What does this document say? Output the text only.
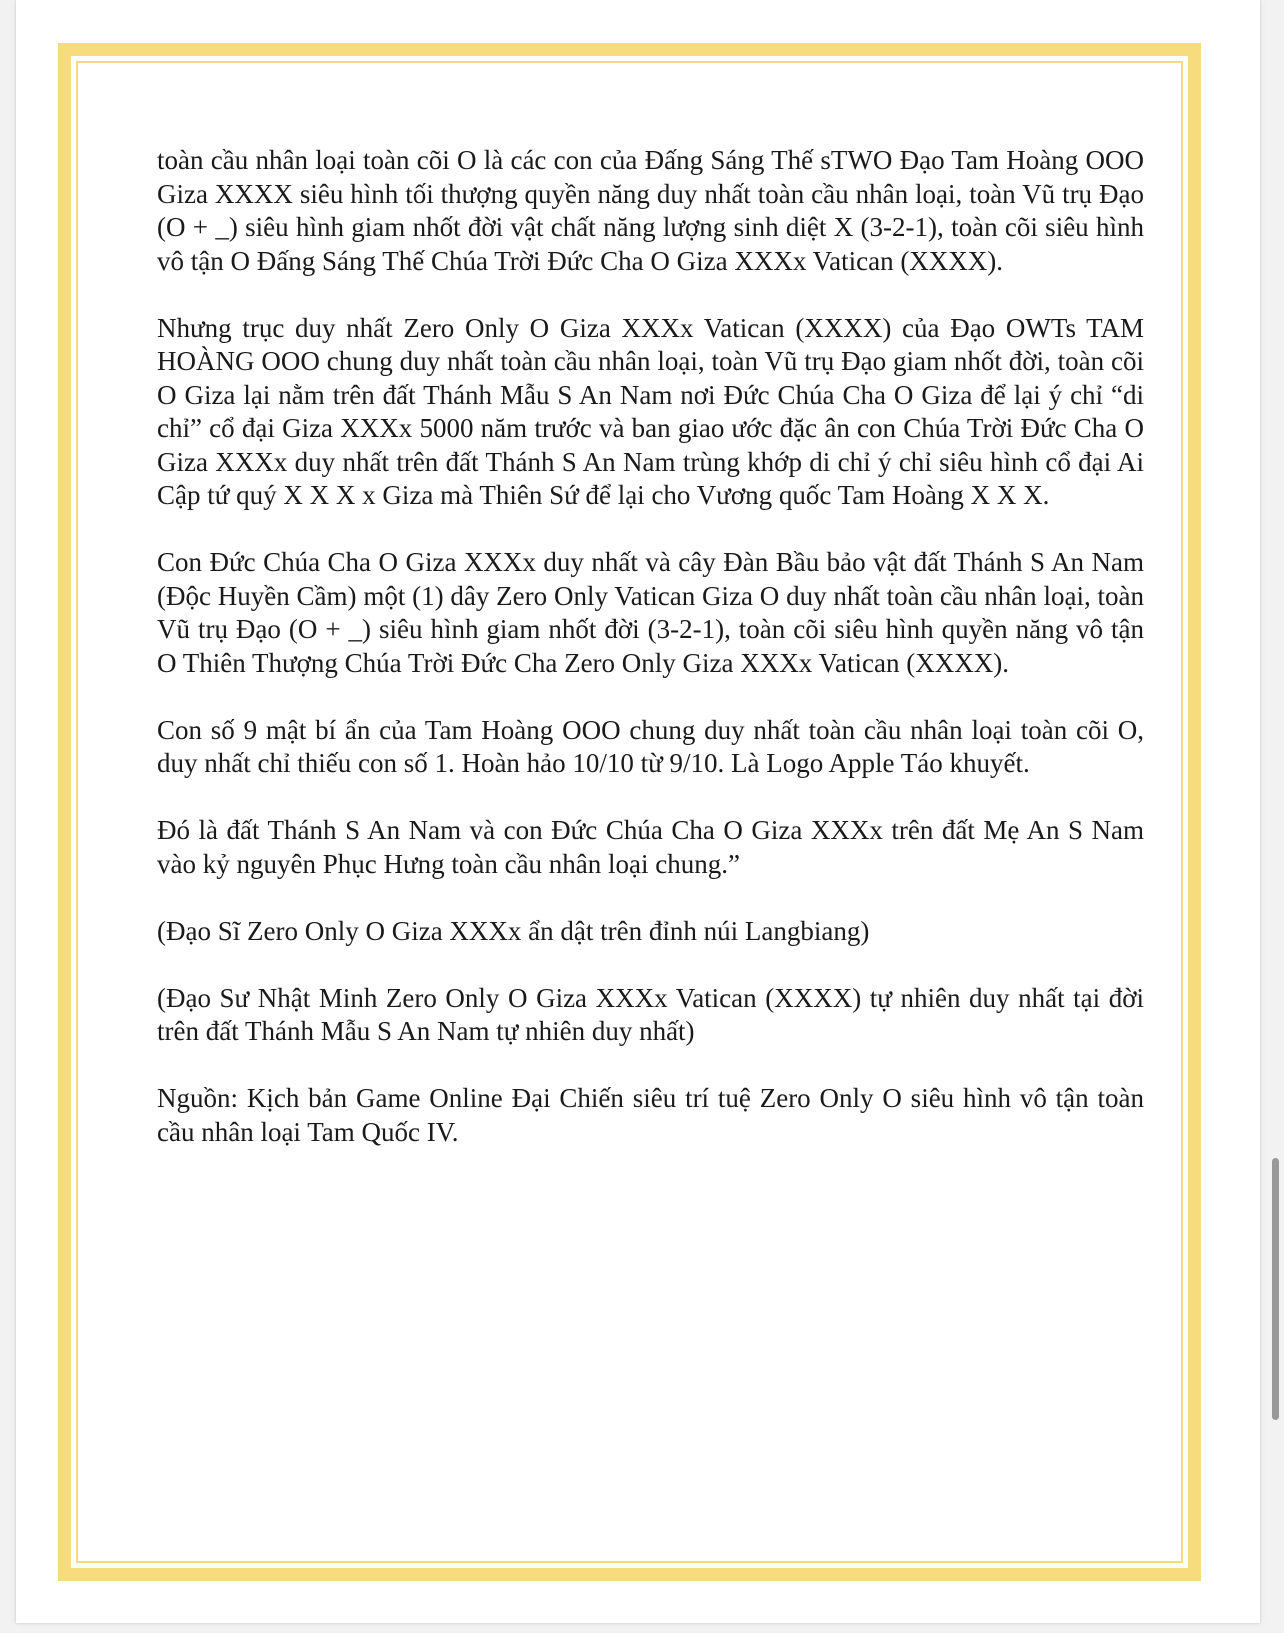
toàn cầu nhân loại toàn cõi O là các con của Đấng Sáng Thế sTWO Đạo Tam Hoàng OOO Giza XXXX siêu hình tối thượng quyền năng duy nhất toàn cầu nhân loại, toàn Vũ trụ Đạo (O + _) siêu hình giam nhốt đời vật chất năng lượng sinh diệt X (3-2-1), toàn cõi siêu hình vô tận O Đấng Sáng Thế Chúa Trời Đức Cha O Giza XXXx Vatican (XXXX).

Nhưng trục duy nhất Zero Only O Giza XXXx Vatican (XXXX) của Đạo OWTs TAM HOÀNG OOO chung duy nhất toàn cầu nhân loại, toàn Vũ trụ Đạo giam nhốt đời, toàn cõi O Giza lại nằm trên đất Thánh Mẫu S An Nam nơi Đức Chúa Cha O Giza để lại ý chỉ “di chỉ” cổ đại Giza XXXx 5000 năm trước và ban giao ước đặc ân con Chúa Trời Đức Cha O Giza XXXx duy nhất trên đất Thánh S An Nam trùng khớp di chỉ ý chỉ siêu hình cổ đại Ai Cập tứ quý X X X x Giza mà Thiên Sứ để lại cho Vương quốc Tam Hoàng X X X.

Con Đức Chúa Cha O Giza XXXx duy nhất và cây Đàn Bầu bảo vật đất Thánh S An Nam (Độc Huyền Cầm) một (1) dây Zero Only Vatican Giza O duy nhất toàn cầu nhân loại, toàn Vũ trụ Đạo (O + _) siêu hình giam nhốt đời (3-2-1), toàn cõi siêu hình quyền năng vô tận O Thiên Thượng Chúa Trời Đức Cha Zero Only Giza XXXx Vatican (XXXX).

Con số 9 mật bí ẩn của Tam Hoàng OOO chung duy nhất toàn cầu nhân loại toàn cõi O, duy nhất chỉ thiếu con số 1. Hoàn hảo 10/10 từ 9/10. Là Logo Apple Táo khuyết.

Đó là đất Thánh S An Nam và con Đức Chúa Cha O Giza XXXx trên đất Mẹ An S Nam vào kỷ nguyên Phục Hưng toàn cầu nhân loại chung.”

(Đạo Sĩ Zero Only O Giza XXXx ẩn dật trên đỉnh núi Langbiang)

(Đạo Sư Nhật Minh Zero Only O Giza XXXx Vatican (XXXX) tự nhiên duy nhất tại đời trên đất Thánh Mẫu S An Nam tự nhiên duy nhất)

Nguồn: Kịch bản Game Online Đại Chiến siêu trí tuệ Zero Only O siêu hình vô tận toàn cầu nhân loại Tam Quốc IV.
